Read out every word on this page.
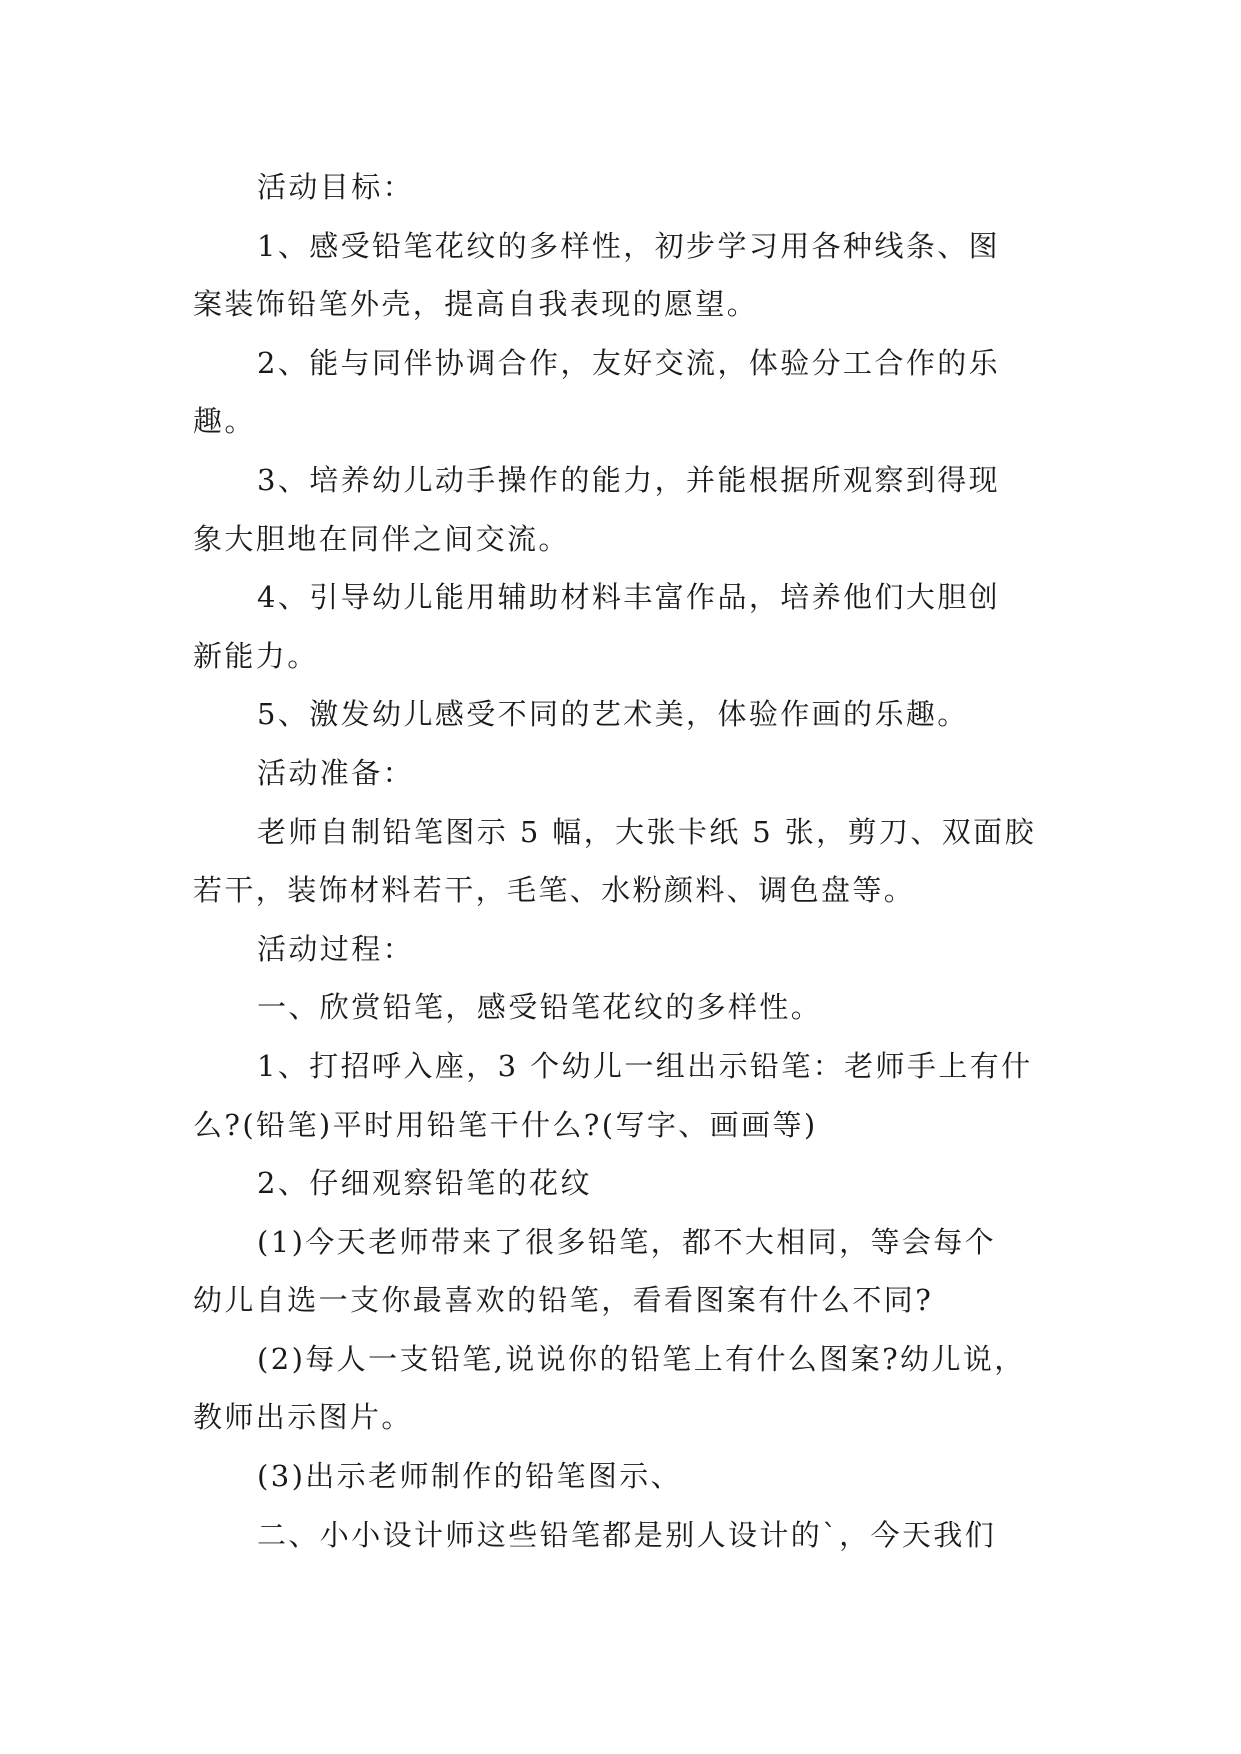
活动目标：
1、感受铅笔花纹的多样性，初步学习用各种线条、图
案装饰铅笔外壳，提高自我表现的愿望。
2、能与同伴协调合作，友好交流，体验分工合作的乐
趣。
3、培养幼儿动手操作的能力，并能根据所观察到得现
象大胆地在同伴之间交流。
4、引导幼儿能用辅助材料丰富作品，培养他们大胆创
新能力。
5、激发幼儿感受不同的艺术美，体验作画的乐趣。
活动准备：
老师自制铅笔图示 5 幅，大张卡纸 5 张，剪刀、双面胶
若干，装饰材料若干，毛笔、水粉颜料、调色盘等。
活动过程：
一、欣赏铅笔，感受铅笔花纹的多样性。
1、打招呼入座，3 个幼儿一组出示铅笔：老师手上有什
么?(铅笔)平时用铅笔干什么?(写字、画画等)
2、仔细观察铅笔的花纹
(1)今天老师带来了很多铅笔，都不大相同，等会每个
幼儿自选一支你最喜欢的铅笔，看看图案有什么不同?
(2)每人一支铅笔,说说你的铅笔上有什么图案?幼儿说，
教师出示图片。
(3)出示老师制作的铅笔图示、
二、小小设计师这些铅笔都是别人设计的`，今天我们
